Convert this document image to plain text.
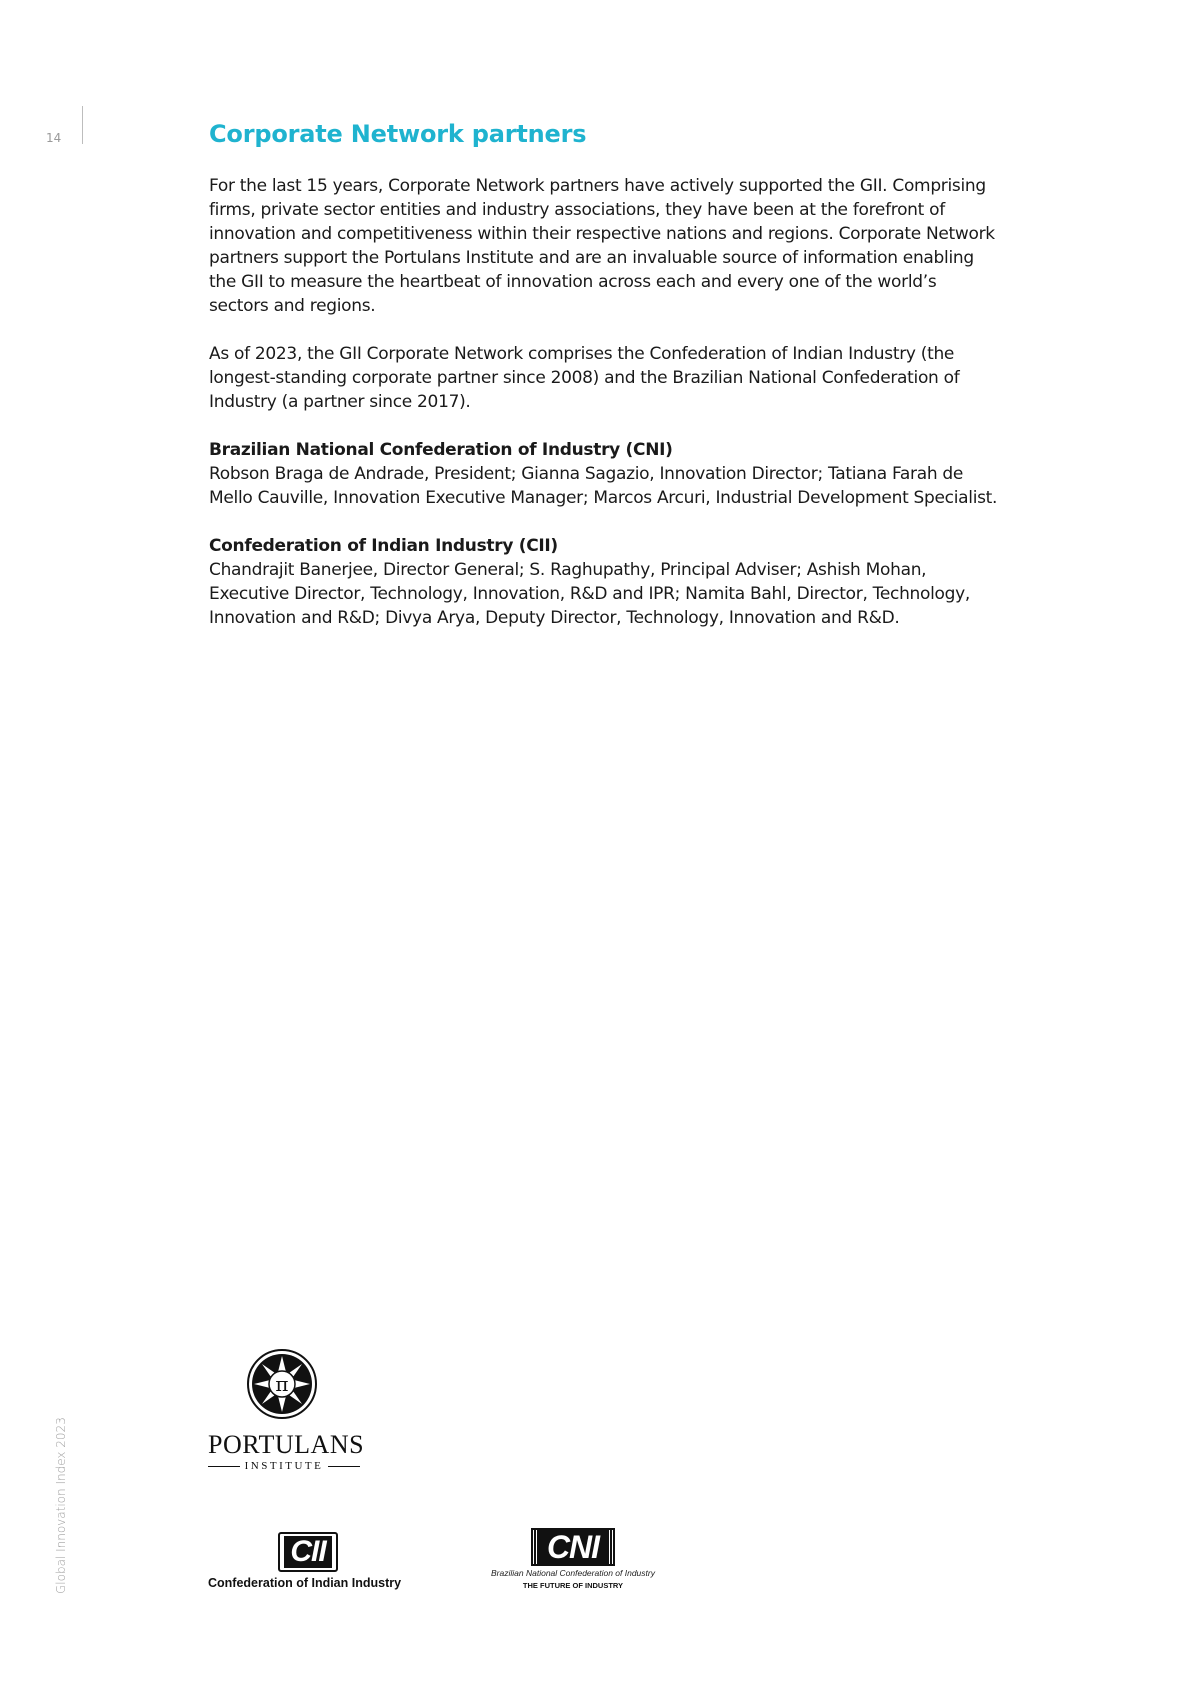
14
Global Innovation Index 2023
Corporate Network partners

For the last 15 years, Corporate Network partners have actively supported the GII. Comprising firms, private sector entities and industry associations, they have been at the forefront of innovation and competitiveness within their respective nations and regions. Corporate Network partners support the Portulans Institute and are an invaluable source of information enabling the GII to measure the heartbeat of innovation across each and every one of the world’s sectors and regions.

As of 2023, the GII Corporate Network comprises the Confederation of Indian Industry (the longest-standing corporate partner since 2008) and the Brazilian National Confederation of Industry (a partner since 2017).

Brazilian National Confederation of Industry (CNI)
Robson Braga de Andrade, President; Gianna Sagazio, Innovation Director; Tatiana Farah de Mello Cauville, Innovation Executive Manager; Marcos Arcuri, Industrial Development Specialist.

Confederation of Indian Industry (CII)
Chandrajit Banerjee, Director General; S. Raghupathy, Principal Adviser; Ashish Mohan, Executive Director, Technology, Innovation, R&D and IPR; Namita Bahl, Director, Technology, Innovation and R&D; Divya Arya, Deputy Director, Technology, Innovation and R&D.

π
PORTULANS
INSTITUTE
CII
Confederation of Indian Industry
CNI
Brazilian National Confederation of Industry
THE FUTURE OF INDUSTRY
